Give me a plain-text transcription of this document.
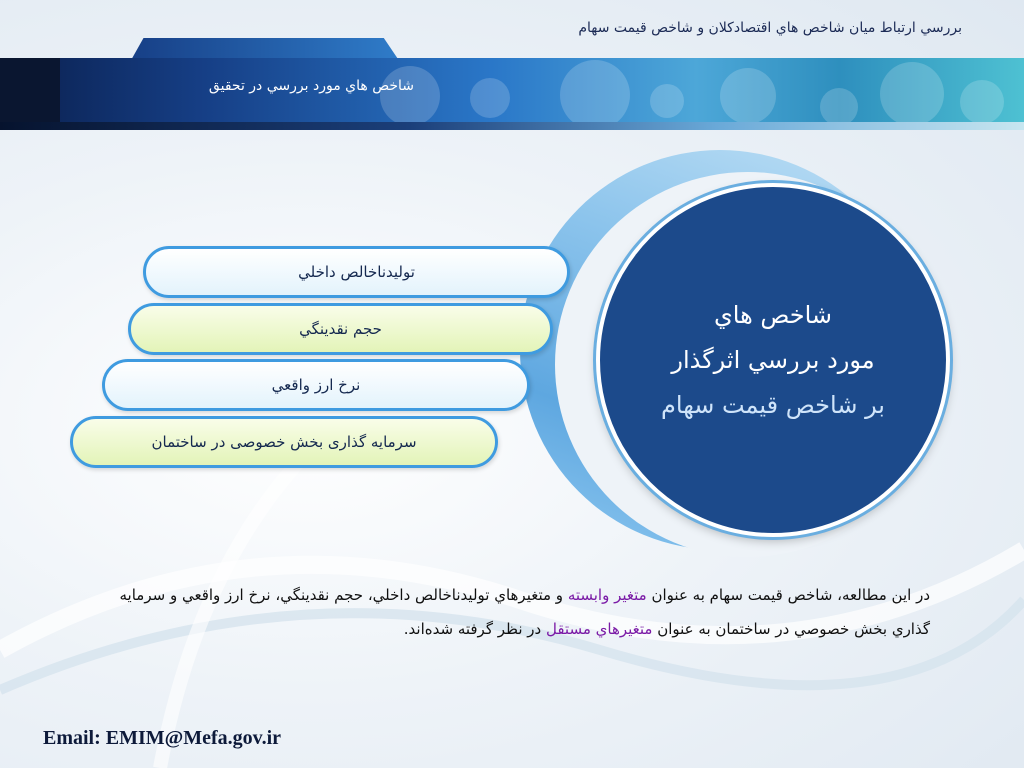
بررسي ارتباط ميان شاخص هاي اقتصادكلان و شاخص قيمت سهام
شاخص هاي مورد بررسي در تحقيق
شاخص هاي
مورد بررسي اثرگذار
بر شاخص قيمت سهام
توليدناخالص داخلي
حجم نقدينگي
نرخ ارز واقعي
سرمايه گذاری بخش خصوصی در ساختمان
در اين مطالعه، شاخص قيمت سهام به عنوان متغير وابسته و متغيرهاي توليدناخالص داخلي، حجم نقدينگي، نرخ ارز واقعي و سرمايه گذاري بخش خصوصي در ساختمان به عنوان متغيرهاي مستقل در نظر گرفته شده‌اند.
Email: EMIM@Mefa.gov.ir
